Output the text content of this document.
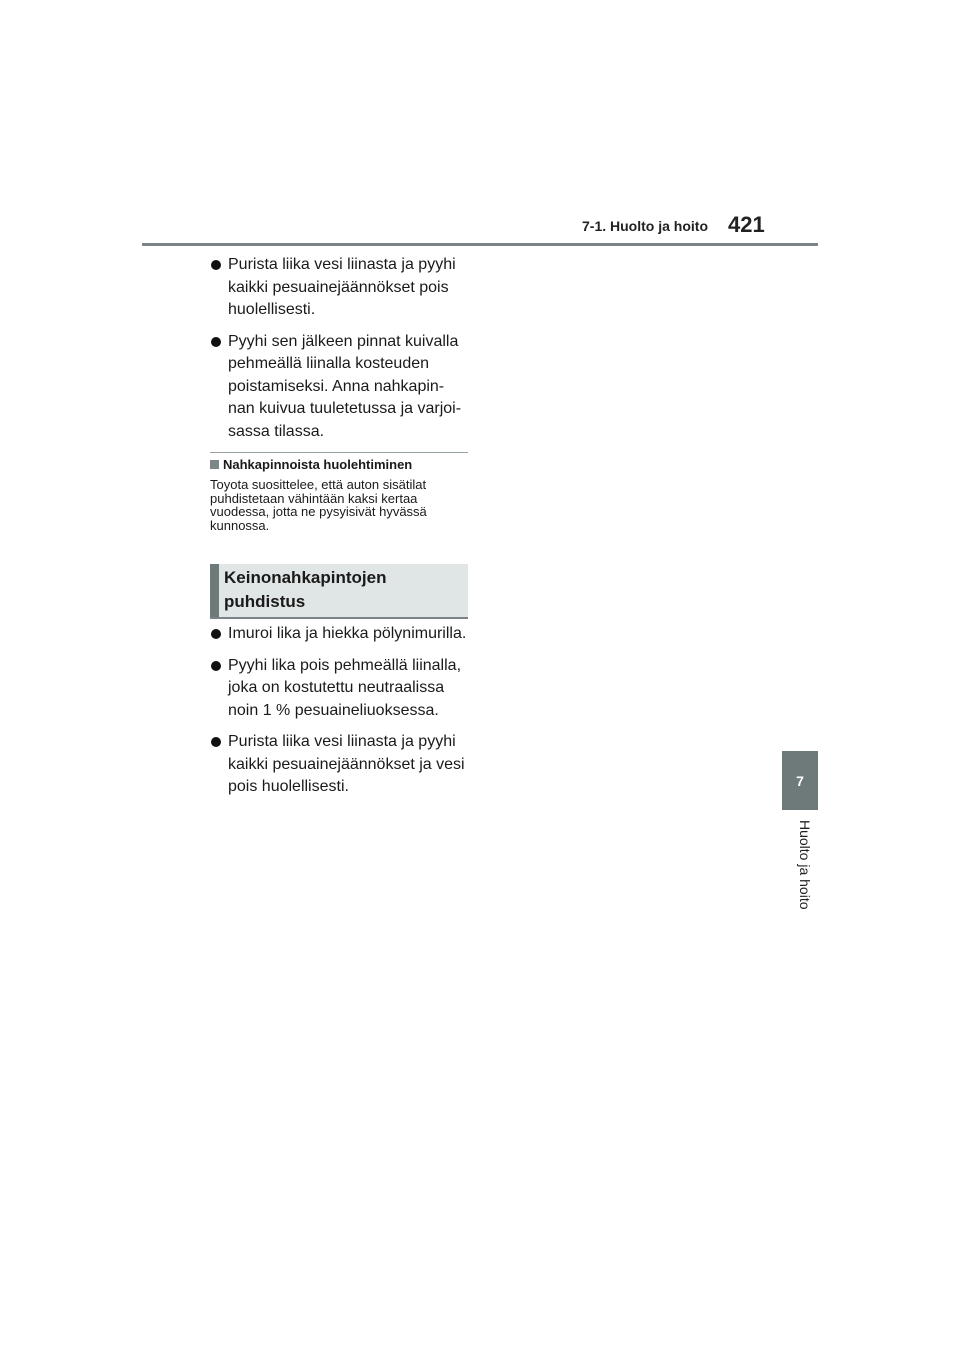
7-1. Huolto ja hoito 421
7
Huolto ja hoito
Purista liika vesi liinasta ja pyyhi kaikki pesuainejäännökset pois huolellisesti.
Pyyhi sen jälkeen pinnat kuivalla pehmeällä liinalla kosteuden poistamiseksi. Anna nahkapin-nan kuivua tuuletetussa ja varjoi-sassa tilassa.
Nahkapinnoista huolehtiminen
Toyota suosittelee, että auton sisätilat puhdistetaan vähintään kaksi kertaa vuodessa, jotta ne pysyisivät hyvässä kunnossa.
Keinonahkapintojen puhdistus
Imuroi lika ja hiekka pölynimurilla.
Pyyhi lika pois pehmeällä liinalla, joka on kostutettu neutraalissa noin 1 % pesuaineliuoksessa.
Purista liika vesi liinasta ja pyyhi kaikki pesuainejäännökset ja vesi pois huolellisesti.
